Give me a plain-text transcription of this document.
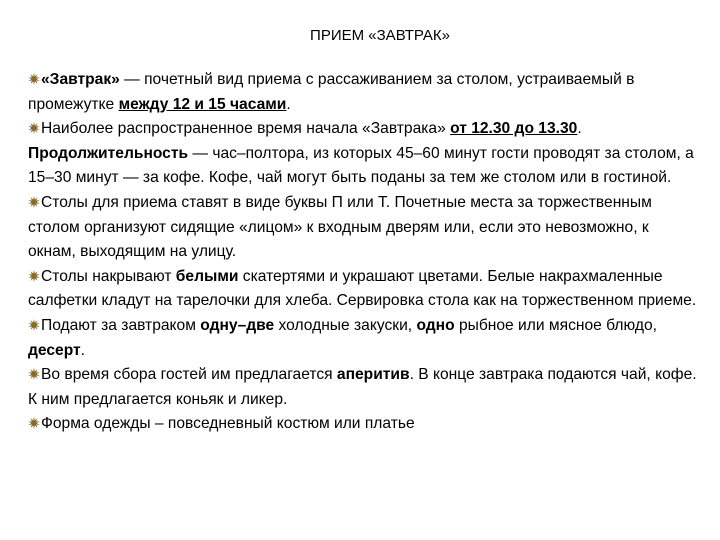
ПРИЕМ «ЗАВТРАК»

«Завтрак» — почетный вид приема с рассаживанием за столом, устраиваемый в промежутке между 12 и 15 часами.

Наиболее распространенное время начала «Завтрака» от 12.30 до 13.30.

Продолжительность — час–полтора, из которых 45–60 минут гости проводят за столом, а 15–30 минут — за кофе. Кофе, чай могут быть поданы за тем же столом или в гостиной.

Столы для приема ставят в виде буквы П или Т. Почетные места за торжественным столом организуют сидящие «лицом» к входным дверям или, если это невозможно, к окнам, выходящим на улицу.

Столы накрывают белыми скатертями и украшают цветами. Белые накрахмаленные салфетки кладут на тарелочки для хлеба. Сервировка стола как на торжественном приеме.

Подают за завтраком одну–две холодные закуски, одно рыбное или мясное блюдо, десерт.

Во время сбора гостей им предлагается аперитив. В конце завтрака подаются чай, кофе. К ним предлагается коньяк и ликер.

Форма одежды – повседневный костюм или платье
